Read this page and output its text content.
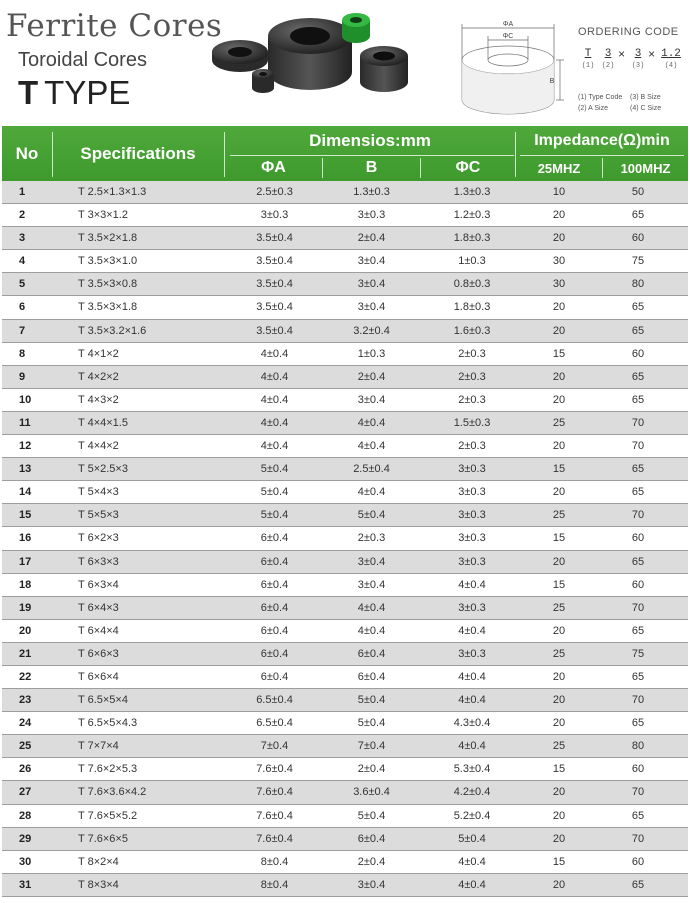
Ferrite Cores
Toroidal Cores
T TYPE
ΦA
ΦC
B
ORDERING CODE
T
(1)
3
(2)
× 3
(3)
× 1.2
(4)
(1) Type Code (3) B Size
(2) A Size	(4) C Size
No	Specifications
Dimensios:mm
ΦA	B	ΦC
Impedance(Ω)min
25MHZ	100MHZ
1	T 2.5×1.3×1.3	2.5±0.3	1.3±0.3	1.3±0.3	10	50
2	T 3×3×1.2	3±0.3	3±0.3	1.2±0.3	20	65
3	T 3.5×2×1.8	3.5±0.4	2±0.4	1.8±0.3	20	60
4	T 3.5×3×1.0	3.5±0.4	3±0.4	1±0.3	30	75
5	T 3.5×3×0.8	3.5±0.4	3±0.4	0.8±0.3	30	80
6	T 3.5×3×1.8	3.5±0.4	3±0.4	1.8±0.3	20	65
7	T 3.5×3.2×1.6	3.5±0.4	3.2±0.4	1.6±0.3	20	65
8	T 4×1×2	4±0.4	1±0.3	2±0.3	15	60
9	T 4×2×2	4±0.4	2±0.4	2±0.3	20	65
10	T 4×3×2	4±0.4	3±0.4	2±0.3	20	65
11	T 4×4×1.5	4±0.4	4±0.4	1.5±0.3	25	70
12	T 4×4×2	4±0.4	4±0.4	2±0.3	20	70
13	T 5×2.5×3	5±0.4	2.5±0.4	3±0.3	15	65
14	T 5×4×3	5±0.4	4±0.4	3±0.3	20	65
15	T 5×5×3	5±0.4	5±0.4	3±0.3	25	70
16	T 6×2×3	6±0.4	2±0.3	3±0.3	15	60
17	T 6×3×3	6±0.4	3±0.4	3±0.3	20	65
18	T 6×3×4	6±0.4	3±0.4	4±0.4	15	60
19	T 6×4×3	6±0.4	4±0.4	3±0.3	25	70
20	T 6×4×4	6±0.4	4±0.4	4±0.4	20	65
21	T 6×6×3	6±0.4	6±0.4	3±0.3	25	75
22	T 6×6×4	6±0.4	6±0.4	4±0.4	20	65
23	T 6.5×5×4	6.5±0.4	5±0.4	4±0.4	20	70
24	T 6.5×5×4.3	6.5±0.4	5±0.4	4.3±0.4	20	65
25	T 7×7×4	7±0.4	7±0.4	4±0.4	25	80
26	T 7.6×2×5.3	7.6±0.4	2±0.4	5.3±0.4	15	60
27	T 7.6×3.6×4.2	7.6±0.4	3.6±0.4	4.2±0.4	20	70
28	T 7.6×5×5.2	7.6±0.4	5±0.4	5.2±0.4	20	65
29	T 7.6×6×5	7.6±0.4	6±0.4	5±0.4	20	70
30	T 8×2×4	8±0.4	2±0.4	4±0.4	15	60
31	T 8×3×4	8±0.4	3±0.4	4±0.4	20	65
